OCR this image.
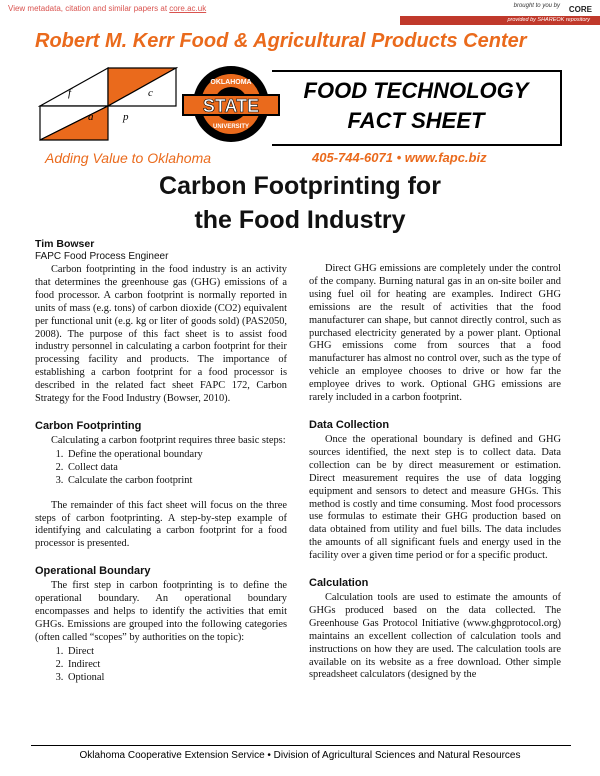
View metadata, citation and similar papers at core.ac.uk	brought to you by CORE
provided by SHAREOK repository
Robert M. Kerr Food & Agricultural Products Center
f
a	p
c
OKLAHOMA
STATE
UNIVERSITY
FOOD TECHNOLOGY
FACT SHEET
Adding Value to Oklahoma	405-744-6071 • www.fapc.biz
Carbon Footprinting for
the Food Industry
Tim Bowser
FAPC Food Process Engineer

Carbon footprinting in the food industry is an activity that determines the greenhouse gas (GHG) emissions of a food processor. A carbon footprint is normally reported in units of mass (e.g. tons) of carbon dioxide (CO2) equivalent per functional unit (e.g. kg or liter of goods sold) (PAS2050, 2008). The purpose of this fact sheet is to assist food industry personnel in calculating a carbon footprint for their processing facility and products. The importance of establishing a carbon footprint for a food processor is described in the related fact sheet FAPC 172, Carbon Strategy for the Food Industry (Bowser, 2010).

Carbon Footprinting

Calculating a carbon footprint requires three basic steps:

1. Define the operational boundary
2. Collect data
3. Calculate the carbon footprint

The remainder of this fact sheet will focus on the three steps of carbon footprinting. A step-by-step example of identifying and calculating a carbon footprint for a food processor is presented.

Operational Boundary

The first step in carbon footprinting is to define the operational boundary. An operational boundary encompasses and helps to identify the activities that emit GHGs. Emissions are grouped into the following categories (often called “scopes” by authorities on the topic):

1. Direct
2. Indirect
3. Optional

Direct GHG emissions are completely under the control of the company. Burning natural gas in an on-site boiler and using fuel oil for heating are examples. Indirect GHG emissions are the result of activities that the food manufacturer can shape, but cannot directly control, such as purchased electricity generated by a power plant. Optional GHG emissions come from sources that a food manufacturer has almost no control over, such as the type of vehicle an employee chooses to drive or how far the employee drives to work. Optional GHG emissions are rarely included in a carbon footprint.

Data Collection

Once the operational boundary is defined and GHG sources identified, the next step is to collect data. Data collection can be by direct measurement or estimation. Direct measurement requires the use of data logging equipment and sensors to detect and measure GHGs. This method is costly and time consuming. Most food processors use formulas to estimate their GHG production based on data obtained from utility and fuel bills. The data includes the amounts of all significant fuels and energy used in the facility over a given time period or for a specific product.

Calculation

Calculation tools are used to estimate the amounts of GHGs produced based on the data collected. The Greenhouse Gas Protocol Initiative (www.ghgprotocol.org) maintains an excellent collection of calculation tools and instructions on how they are used. The calculation tools are available on its website as a free download. Other simple spreadsheet calculators (designed by the

Oklahoma Cooperative Extension Service • Division of Agricultural Sciences and Natural Resources
